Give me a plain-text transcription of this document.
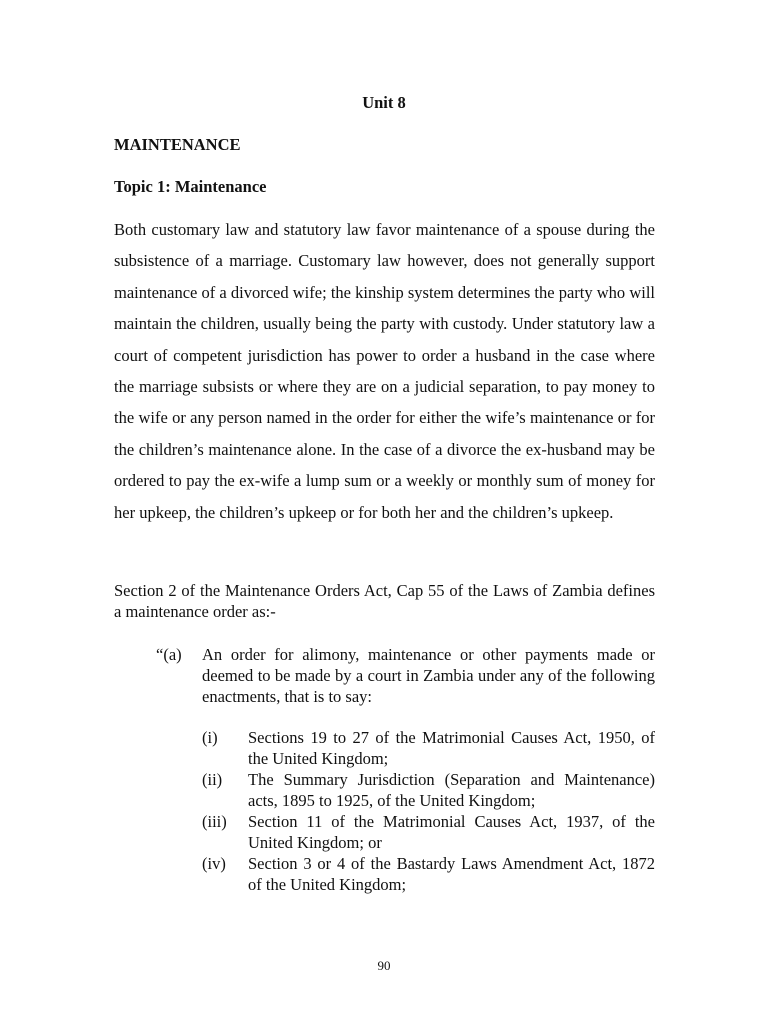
Unit 8
MAINTENANCE
Topic 1: Maintenance

Both customary law and statutory law favor maintenance of a spouse during the subsistence of a marriage. Customary law however, does not generally support maintenance of a divorced wife; the kinship system determines the party who will maintain the children, usually being the party with custody. Under statutory law a court of competent jurisdiction has power to order a husband in the case where the marriage subsists or where they are on a judicial separation, to pay money to the wife or any person named in the order for either the wife’s maintenance or for the children’s maintenance alone. In the case of a divorce the ex-husband may be ordered to pay the ex-wife a lump sum or a weekly or monthly sum of money for her upkeep, the children’s upkeep or for both her and the children’s upkeep.

Section 2 of the Maintenance Orders Act, Cap 55 of the Laws of Zambia defines a maintenance order as:-

“(a) An order for alimony, maintenance or other payments made or deemed to be made by a court in Zambia under any of the following enactments, that is to say:

(i) Sections 19 to 27 of the Matrimonial Causes Act, 1950, of the United Kingdom;
(ii) The Summary Jurisdiction (Separation and Maintenance) acts, 1895 to 1925, of the United Kingdom;
(iii) Section 11 of the Matrimonial Causes Act, 1937, of the United Kingdom; or
(iv) Section 3 or 4 of the Bastardy Laws Amendment Act, 1872 of the United Kingdom;
90
